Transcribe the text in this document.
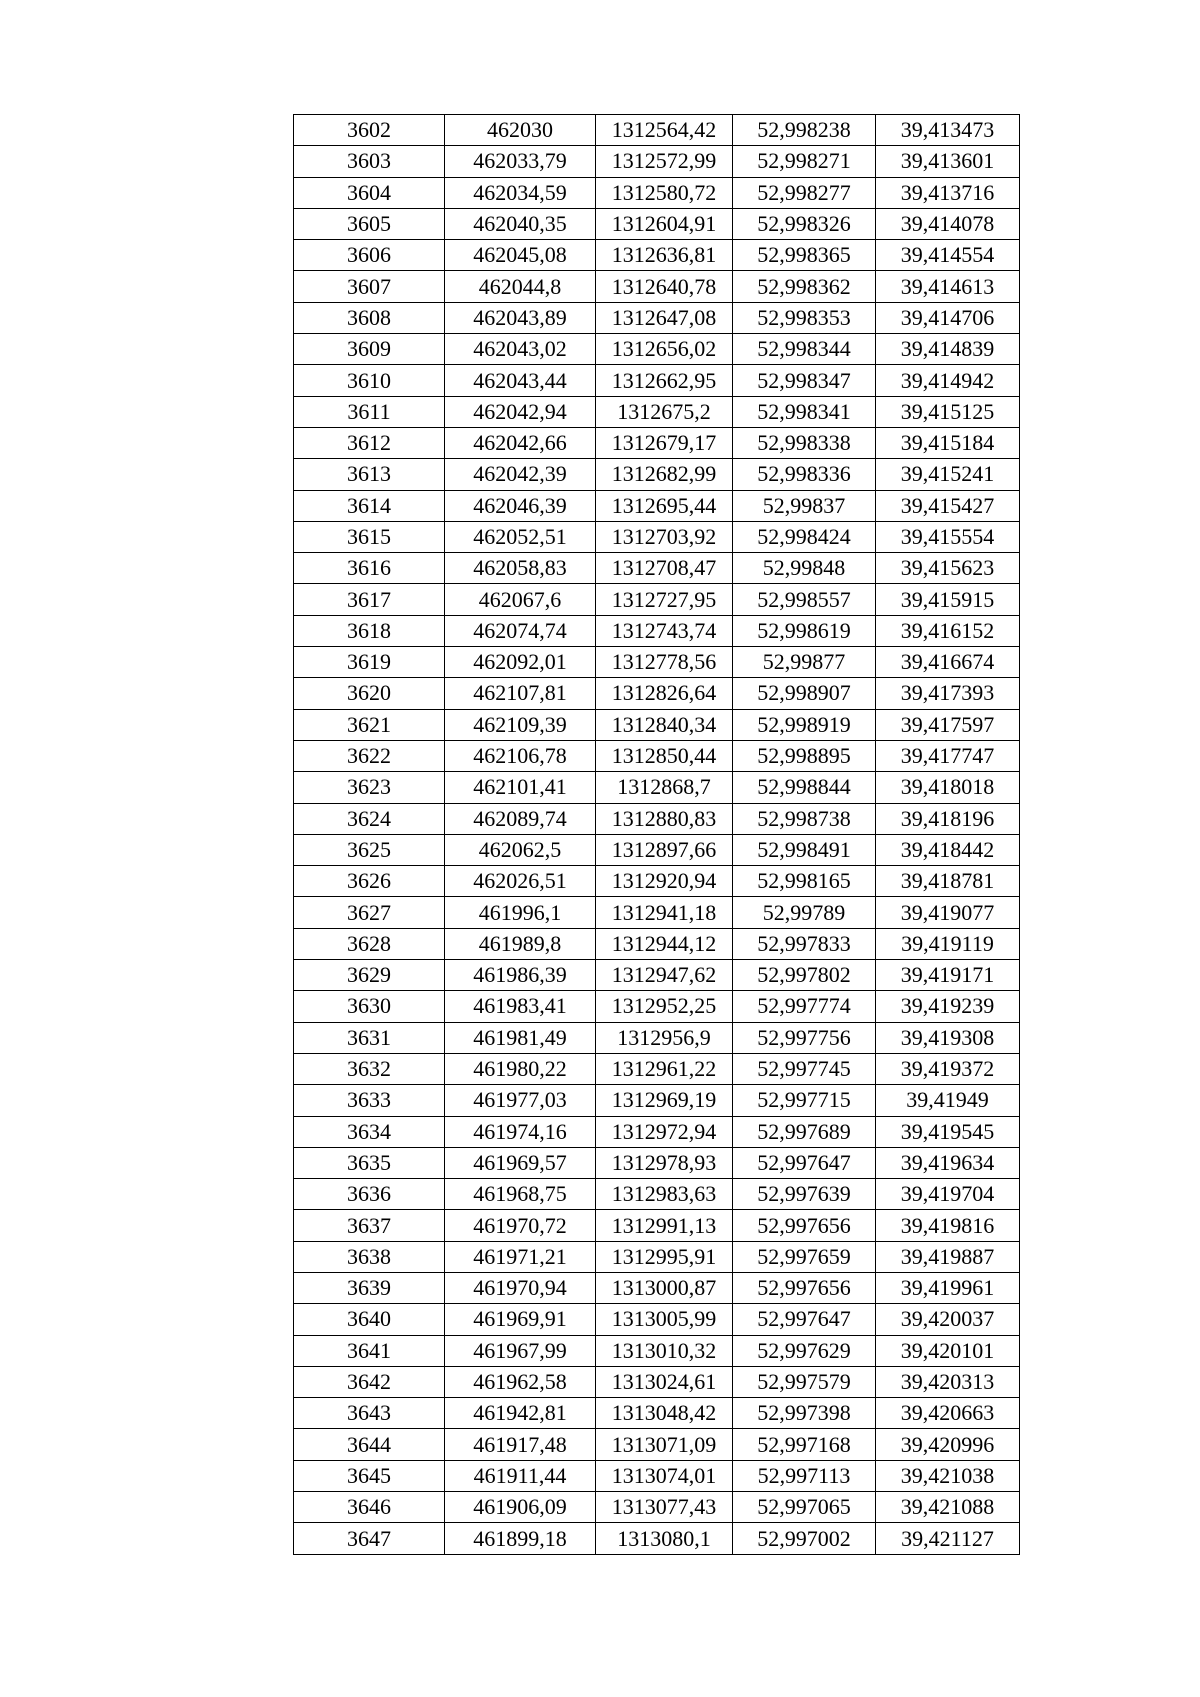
3602	462030	1312564,42	52,998238	39,413473
3603	462033,79	1312572,99	52,998271	39,413601
3604	462034,59	1312580,72	52,998277	39,413716
3605	462040,35	1312604,91	52,998326	39,414078
3606	462045,08	1312636,81	52,998365	39,414554
3607	462044,8	1312640,78	52,998362	39,414613
3608	462043,89	1312647,08	52,998353	39,414706
3609	462043,02	1312656,02	52,998344	39,414839
3610	462043,44	1312662,95	52,998347	39,414942
3611	462042,94	1312675,2	52,998341	39,415125
3612	462042,66	1312679,17	52,998338	39,415184
3613	462042,39	1312682,99	52,998336	39,415241
3614	462046,39	1312695,44	52,99837	39,415427
3615	462052,51	1312703,92	52,998424	39,415554
3616	462058,83	1312708,47	52,99848	39,415623
3617	462067,6	1312727,95	52,998557	39,415915
3618	462074,74	1312743,74	52,998619	39,416152
3619	462092,01	1312778,56	52,99877	39,416674
3620	462107,81	1312826,64	52,998907	39,417393
3621	462109,39	1312840,34	52,998919	39,417597
3622	462106,78	1312850,44	52,998895	39,417747
3623	462101,41	1312868,7	52,998844	39,418018
3624	462089,74	1312880,83	52,998738	39,418196
3625	462062,5	1312897,66	52,998491	39,418442
3626	462026,51	1312920,94	52,998165	39,418781
3627	461996,1	1312941,18	52,99789	39,419077
3628	461989,8	1312944,12	52,997833	39,419119
3629	461986,39	1312947,62	52,997802	39,419171
3630	461983,41	1312952,25	52,997774	39,419239
3631	461981,49	1312956,9	52,997756	39,419308
3632	461980,22	1312961,22	52,997745	39,419372
3633	461977,03	1312969,19	52,997715	39,41949
3634	461974,16	1312972,94	52,997689	39,419545
3635	461969,57	1312978,93	52,997647	39,419634
3636	461968,75	1312983,63	52,997639	39,419704
3637	461970,72	1312991,13	52,997656	39,419816
3638	461971,21	1312995,91	52,997659	39,419887
3639	461970,94	1313000,87	52,997656	39,419961
3640	461969,91	1313005,99	52,997647	39,420037
3641	461967,99	1313010,32	52,997629	39,420101
3642	461962,58	1313024,61	52,997579	39,420313
3643	461942,81	1313048,42	52,997398	39,420663
3644	461917,48	1313071,09	52,997168	39,420996
3645	461911,44	1313074,01	52,997113	39,421038
3646	461906,09	1313077,43	52,997065	39,421088
3647	461899,18	1313080,1	52,997002	39,421127
